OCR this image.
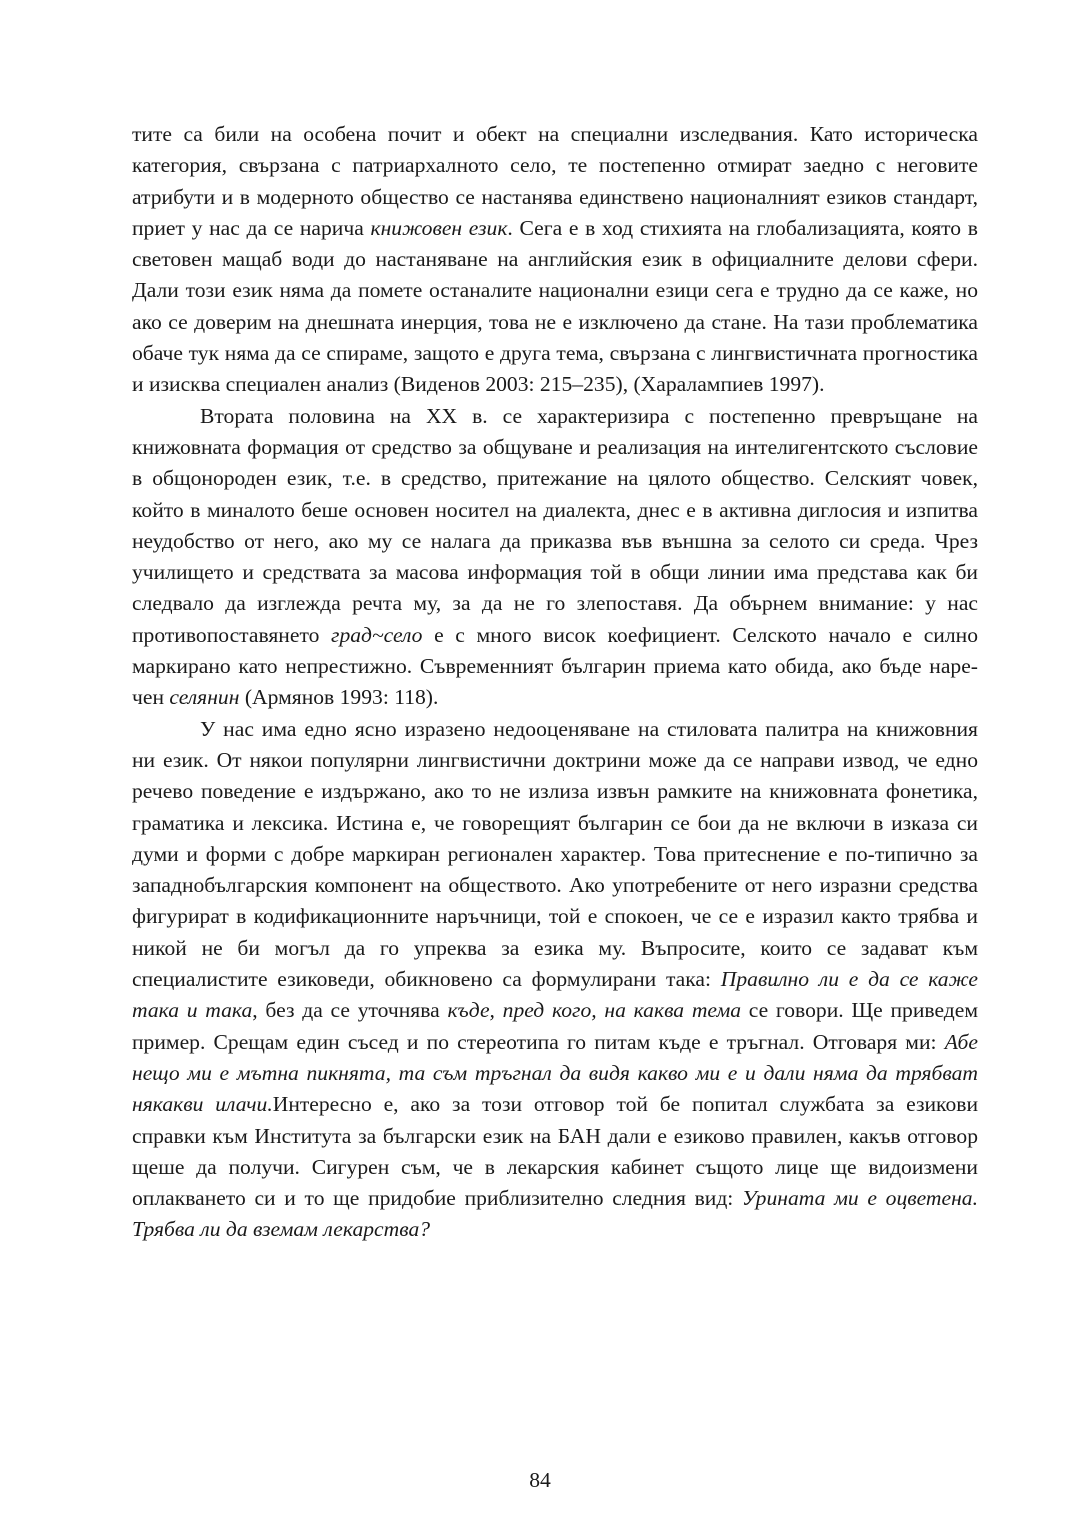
тите са били на особена почит и обект на специални изследвания. Като историческа категория, свързана с патриархалното село, те постепенно отмират заедно с неговите атрибути и в модерното общество се настанява единствено националният езиков стандарт, приет у нас да се нарича книжовен език. Сега е в ход стихията на глобализацията, която в световен мащаб води до настаняване на английския език в официалните делови сфери. Дали този език няма да помете останалите национални езици сега е трудно да се каже, но ако се доверим на днешната инерция, това не е изключено да стане. На тази проблематика обаче тук няма да се спираме, защото е друга тема, свързана с лингвистичната прогностика и изисква специален анализ (Виденов 2003: 215–235), (Харалампиев 1997).

Втората половина на XX в. се характеризира с постепенно превръщане на книжовната формация от средство за общуване и реализация на интелигентското съсловие в общонороден език, т.е. в средство, притежание на цялото общество. Селският човек, който в миналото беше основен носител на диалекта, днес е в активна диглосия и изпитва неудобство от него, ако му се налага да приказва във външна за селото си среда. Чрез училището и средствата за масова информация той в общи линии има представа как би следвало да изглежда речта му, за да не го злепоставя. Да обърнем внимание: у нас противопоставянето град~село е с много висок коефициент. Селското начало е силно маркирано като непрестижно. Съвременният българин приема като обида, ако бъде наречен селянин (Армянов 1993: 118).

У нас има едно ясно изразено недооценяване на стиловата палитра на книжовния ни език. От някои популярни лингвистични доктрини може да се направи извод, че едно речево поведение е издържано, ако то не излиза извън рамките на книжовната фонетика, граматика и лексика. Истина е, че говорещият българин се бои да не включи в изказа си думи и форми с добре маркиран регионален характер. Това притеснение е по-типично за западнобългарския компонент на обществото. Ако употребените от него изразни средства фигурират в кодификационните наръчници, той е спокоен, че се е изразил както трябва и никой не би могъл да го упреква за езика му. Въпросите, които се задават към специалистите езиковеди, обикновено са формулирани така: Правилно ли е да се каже така и така, без да се уточнява къде, пред кого, на каква тема се говори. Ще приведем пример. Срещам един съсед и по стереотипа го питам къде е тръгнал. Отговаря ми: Абе нещо ми е мътна пикнята, та съм тръгнал да видя какво ми е и дали няма да трябват някакви илачи.Интересно е, ако за този отговор той бе попитал службата за езикови справки към Института за български език на БАН дали е езиково правилен, какъв отговор щеше да получи. Сигурен съм, че в лекарския кабинет същото лице ще видоизмени оплакването си и то ще придобие приблизително следния вид: Урината ми е оцветена. Трябва ли да вземам лекарства?

84
